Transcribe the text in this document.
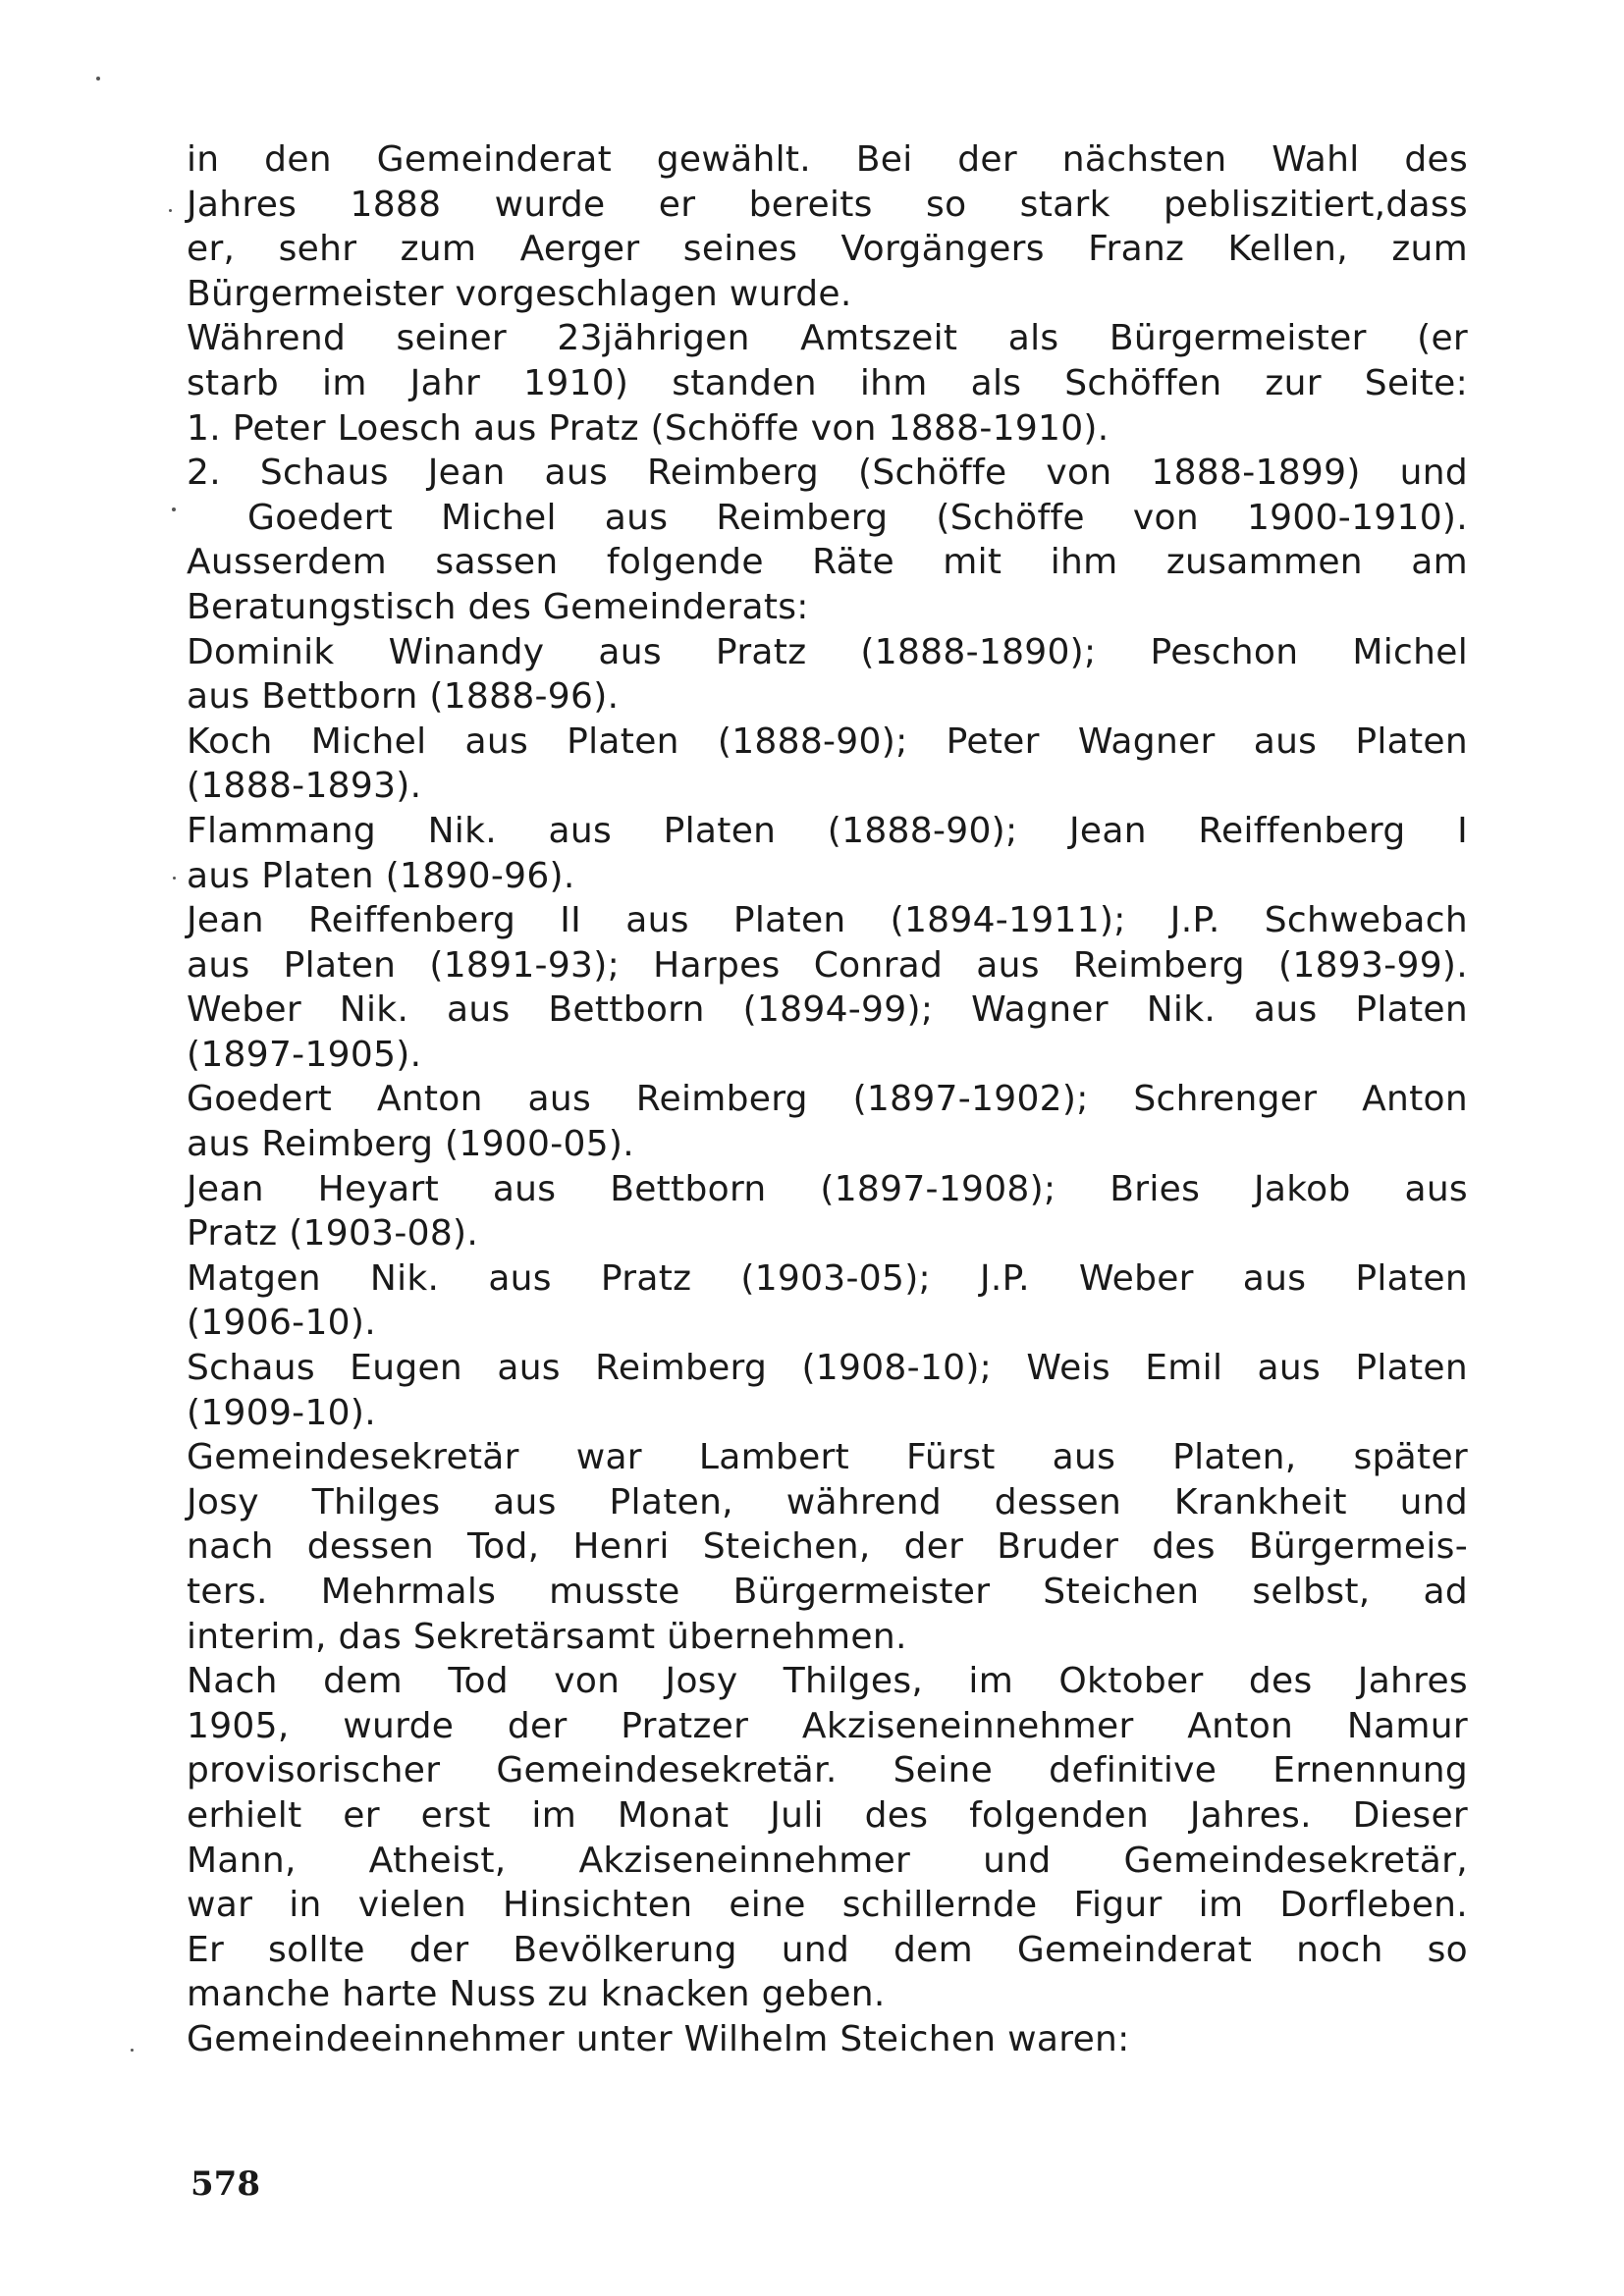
in den Gemeinderat gewählt. Bei der nächsten Wahl des
Jahres 1888 wurde er bereits so stark pebliszitiert,dass
er, sehr zum Aerger seines Vorgängers Franz Kellen, zum
Bürgermeister vorgeschlagen wurde.
Während seiner 23jährigen Amtszeit als Bürgermeister (er
starb im Jahr 1910) standen ihm als Schöffen zur Seite:
1. Peter Loesch aus Pratz (Schöffe von 1888-1910).
2. Schaus Jean aus Reimberg (Schöffe von 1888-1899) und
Goedert Michel aus Reimberg (Schöffe von 1900-1910).
Ausserdem sassen folgende Räte mit ihm zusammen am
Beratungstisch des Gemeinderats:
Dominik Winandy aus Pratz (1888-1890); Peschon Michel
aus Bettborn (1888-96).
Koch Michel aus Platen (1888-90); Peter Wagner aus Platen
(1888-1893).
Flammang Nik. aus Platen (1888-90); Jean Reiffenberg I
aus Platen (1890-96).
Jean Reiffenberg II aus Platen (1894-1911); J.P. Schwebach
aus Platen (1891-93); Harpes Conrad aus Reimberg (1893-99).
Weber Nik. aus Bettborn (1894-99); Wagner Nik. aus Platen
(1897-1905).
Goedert Anton aus Reimberg (1897-1902); Schrenger Anton
aus Reimberg (1900-05).
Jean Heyart aus Bettborn (1897-1908); Bries Jakob aus
Pratz (1903-08).
Matgen Nik. aus Pratz (1903-05); J.P. Weber aus Platen
(1906-10).
Schaus Eugen aus Reimberg (1908-10); Weis Emil aus Platen
(1909-10).
Gemeindesekretär war Lambert Fürst aus Platen, später
Josy Thilges aus Platen, während dessen Krankheit und
nach dessen Tod, Henri Steichen, der Bruder des Bürgermeis-
ters. Mehrmals musste Bürgermeister Steichen selbst, ad
interim, das Sekretärsamt übernehmen.
Nach dem Tod von Josy Thilges, im Oktober des Jahres
1905, wurde der Pratzer Akziseneinnehmer Anton Namur
provisorischer Gemeindesekretär. Seine definitive Ernennung
erhielt er erst im Monat Juli des folgenden Jahres. Dieser
Mann, Atheist, Akziseneinnehmer und Gemeindesekretär,
war in vielen Hinsichten eine schillernde Figur im Dorfleben.
Er sollte der Bevölkerung und dem Gemeinderat noch so
manche harte Nuss zu knacken geben.
Gemeindeeinnehmer unter Wilhelm Steichen waren:
578
